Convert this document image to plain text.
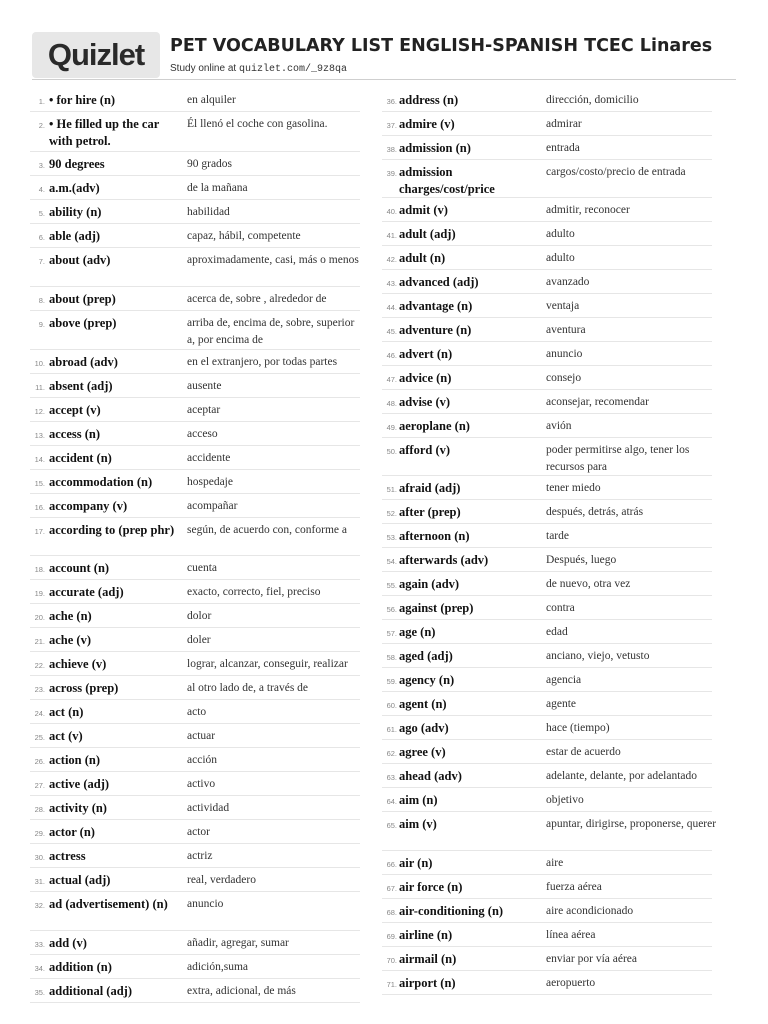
Quizlet	PET VOCABULARY LIST ENGLISH-SPANISH TCEC Linares
Study online at quizlet.com/_9z8qa
1. • for hire (n)	en alquiler
2. • He filled up the car with petrol.
Él llenó el coche con gasolina.
3. 90 degrees	90 grados
4. a.m.(adv)	de la mañana
5. ability (n)	habilidad
6. able (adj)	capaz, hábil, competente
7. about (adv)	aproximadamente, casi, más o menos
8. about (prep)	acerca de, sobre , alrededor de
9. above (prep)	arriba de, encima de, sobre, superior a, por encima de
10. abroad (adv)	en el extranjero, por todas partes
11. absent (adj)	ausente
12. accept (v)	aceptar
13. access (n)	acceso
14. accident (n)	accidente
15. accommodation (n)	hospedaje
16. accompany (v)	acompañar
17. according to (prep phr)	según, de acuerdo con, conforme a
18. account (n)	cuenta
19. accurate (adj)	exacto, correcto, fiel, preciso
20. ache (n)	dolor
21. ache (v)	doler
22. achieve (v)	lograr, alcanzar, conseguir, realizar
23. across (prep)	al otro lado de, a través de
24. act (n)	acto
25. act (v)	actuar
26. action (n)	acción
27. active (adj)	activo
28. activity (n)	actividad
29. actor (n)	actor
30. actress	actriz
31. actual (adj)	real, verdadero
32. ad (advertisement) (n)	anuncio
33. add (v)	añadir, agregar, sumar
34. addition (n)	adición,suma
35. additional (adj)	extra, adicional, de más
36. address (n)	dirección, domicilio
37. admire (v)	admirar
38. admission (n)	entrada
39. admission charges/cost/price
cargos/costo/precio de entrada
40. admit (v)	admitir, reconocer
41. adult (adj)	adulto
42. adult (n)	adulto
43. advanced (adj)	avanzado
44. advantage (n)	ventaja
45. adventure (n)	aventura
46. advert (n)	anuncio
47. advice (n)	consejo
48. advise (v)	aconsejar, recomendar
49. aeroplane (n)	avión
50. afford (v)	poder permitirse algo, tener los recursos para
51. afraid (adj)	tener miedo
52. after (prep)	después, detrás, atrás
53. afternoon (n)	tarde
54. afterwards (adv)	Después, luego
55. again (adv)	de nuevo, otra vez
56. against (prep)	contra
57. age (n)	edad
58. aged (adj)	anciano, viejo, vetusto
59. agency (n)	agencia
60. agent (n)	agente
61. ago (adv)	hace (tiempo)
62. agree (v)	estar de acuerdo
63. ahead (adv)	adelante, delante, por adelantado
64. aim (n)	objetivo
65. aim (v)	apuntar, dirigirse, proponerse, querer
66. air (n)	aire
67. air force (n)	fuerza aérea
68. air-conditioning (n)	aire acondicionado
69. airline (n)	línea aérea
70. airmail (n)	enviar por vía aérea
71. airport (n)	aeropuerto
